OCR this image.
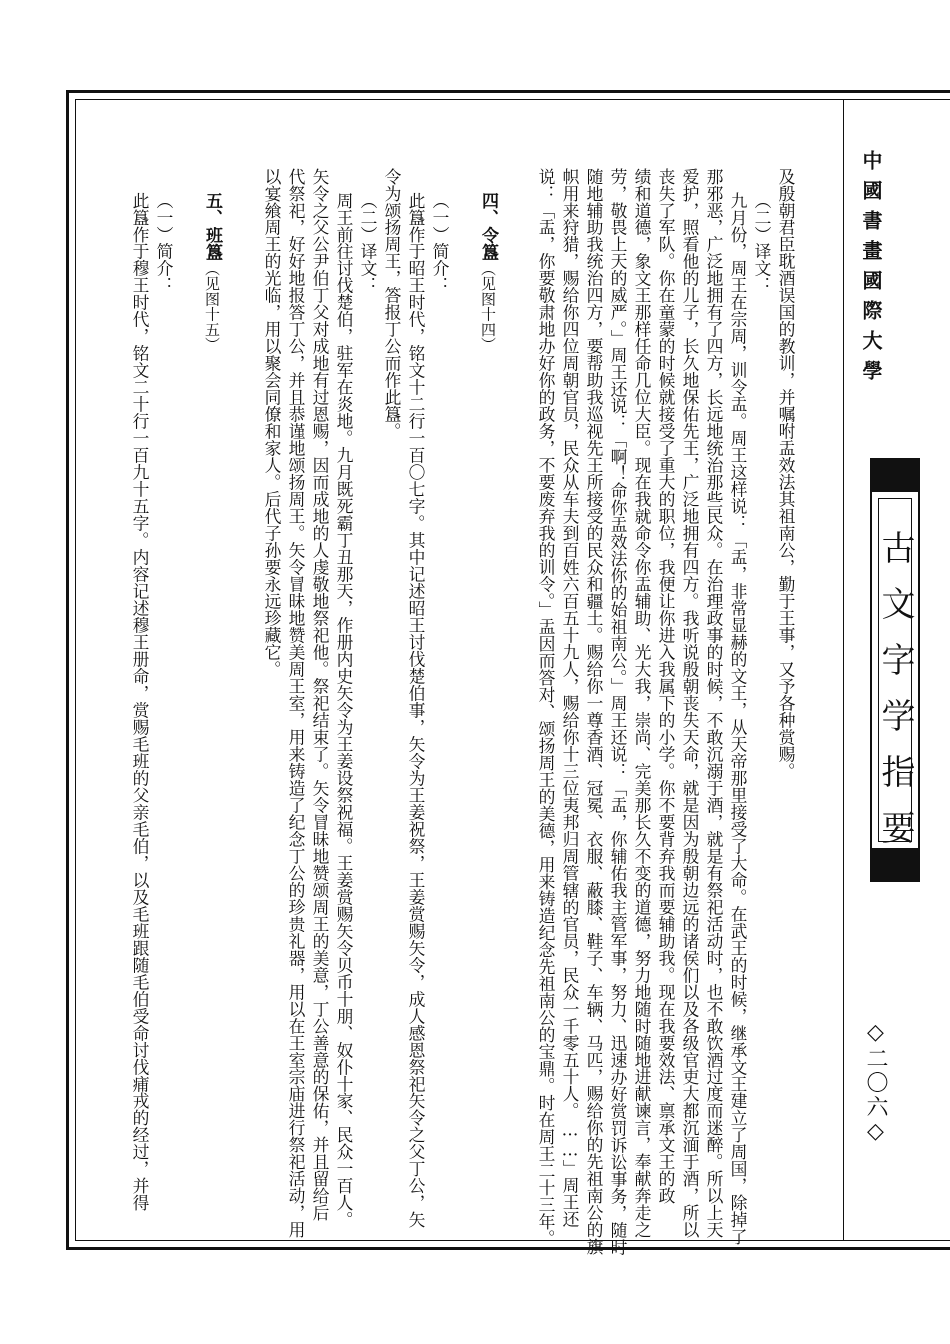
中國書畫國際大學
古文字学指要
◇二〇六◇
及殷朝君臣耽酒误国的教训，并嘱咐盂效法其祖南公，勤于王事，又予各种赏赐。
（二）译文：
九月份，周王在宗周，训令盂。周王这样说：「盂，非常显赫的文王，从天帝那里接受了大命。在武王的时候，继承文王建立了周国，除掉了
那邪恶，广泛地拥有了四方，长远地统治那些民众。在治理政事的时候，不敢沉溺于酒，就是有祭祀活动时，也不敢饮酒过度而迷醉。所以上天
爱护，照看他的儿子，长久地保佑先王，广泛地拥有四方。我听说殷朝丧失天命，就是因为殷朝边远的诸侯们以及各级官吏大都沉湎于酒，所以
丧失了军队。你在童蒙的时候就接受了重大的职位，我便让你进入我属下的小学。你不要背弃我而要辅助我。现在我要效法、禀承文王的政
绩和道德，象文王那样任命几位大臣。现在我就命令你盂辅助、光大我，崇尚、完美那长久不变的道德，努力地随时随地进献谏言，奉献奔走之
劳，敬畏上天的威严。」周王还说：「啊！命你盂效法你的始祖南公。」周王还说：「盂，你辅佑我主管军事，努力、迅速办好赏罚诉讼事务，随时
随地辅助我统治四方，要帮助我巡视先王所接受的民众和疆土。赐给你一尊香酒、冠冕、衣服、蔽膝、鞋子、车辆、马匹，赐给你的先祖南公的旗
帜用来狩猎，赐给你四位周朝官员，民众从车夫到百姓六百五十九人，赐给你十三位夷邦归周管辖的官员，民众一千零五十人。……」周王还
说：「盂，你要敬肃地办好你的政务，不要废弃我的训令。」盂因而答对、颂扬周王的美德，用来铸造纪念先祖南公的宝鼎。时在周王二十三年。
四、令簋（见图十四）
（一）简介：
此簋作于昭王时代，铭文十二行一百〇七字。其中记述昭王讨伐楚伯事，矢令为王姜祝祭，王姜赏赐矢令，成人感恩祭祀矢令之父丁公，矢
令为颂扬周王，答报丁公而作此簋。
（二）译文：
周王前往讨伐楚伯，驻军在炎地。九月既死霸丁丑那天，作册内史矢令为王姜设祭祝福。王姜赏赐矢令贝币十朋、奴仆十家、民众一百人。
矢令之父公尹伯丁父对成地有过恩赐，因而成地的人虔敬地祭祀他。祭祀结束了。矢令冒昧地赞颂周王的美意，丁公善意的保佑，并且留给后
代祭祀，好好地报答丁公，并且恭谨地颂扬周王。矢令冒昧地赞美周王室，用来铸造了纪念丁公的珍贵礼器，用以在王室宗庙进行祭祀活动，用
以宴飨周王的光临，用以聚会同僚和家人。后代子孙要永远珍藏它。
五、班簋（见图十五）
（一）简介：
此簋作于穆王时代，铭文二十行一百九十五字。内容记述穆王册命，赏赐毛班的父亲毛伯，以及毛班跟随毛伯受命讨伐痡戎的经过，并得
